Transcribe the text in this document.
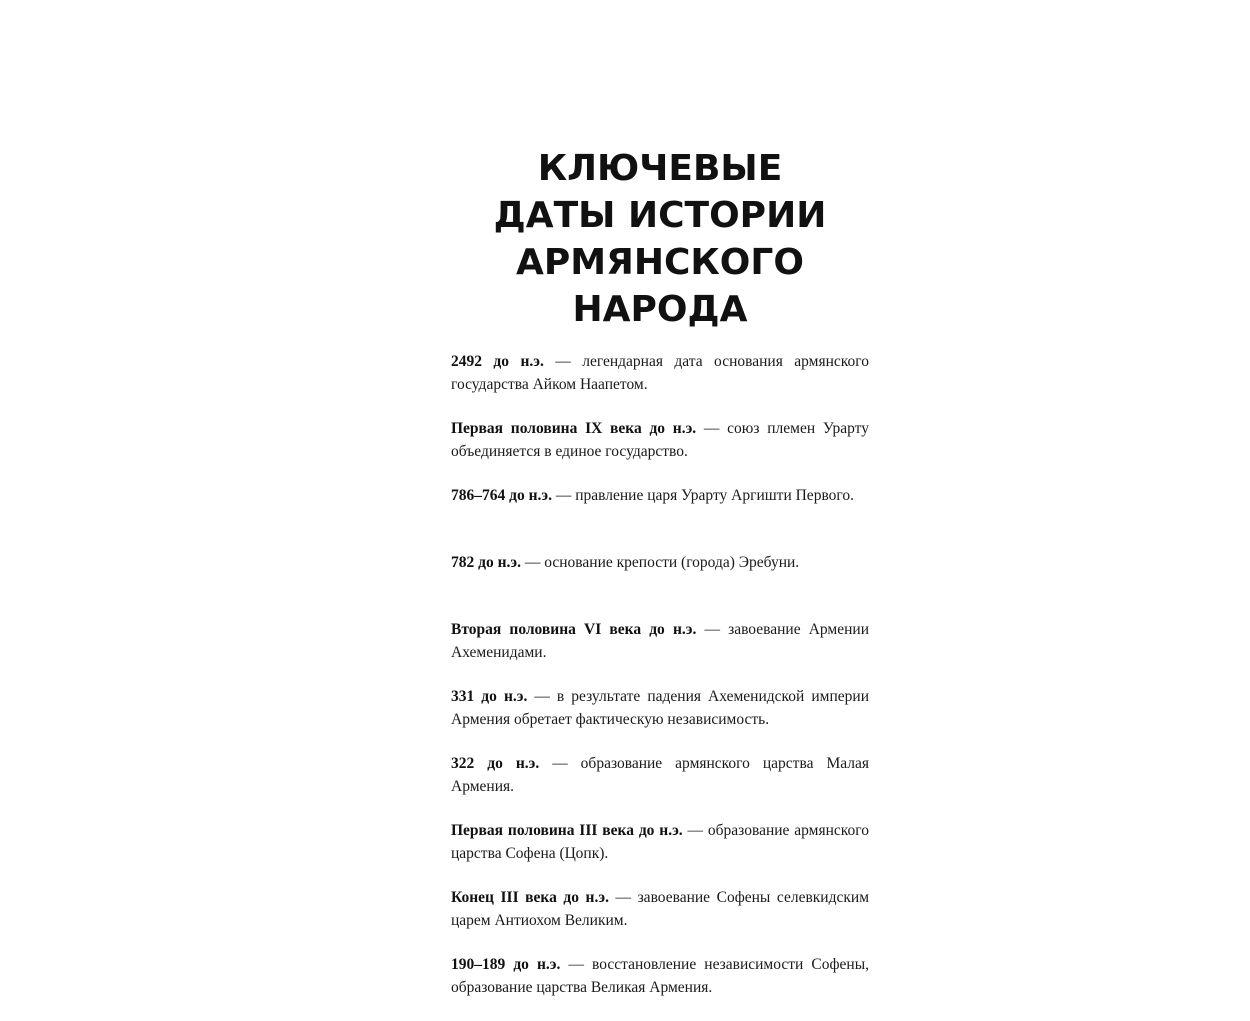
КЛЮЧЕВЫЕ
ДАТЫ ИСТОРИИ
АРМЯНСКОГО
НАРОДА

2492 до н.э. — легендарная дата основания армянского государства Айком Наапетом.

Первая половина IX века до н.э. — союз племен Урарту объединяется в единое государство.

786–764 до н.э. — правление царя Урарту Аргишти Первого.

782 до н.э. — основание крепости (города) Эребуни.

Вторая половина VI века до н.э. — завоевание Армении Ахеменидами.

331 до н.э. — в результате падения Ахеменидской империи Армения обретает фактическую независимость.

322 до н.э. — образование армянского царства Малая Армения.

Первая половина III века до н.э. — образование армянского царства Софена (Цопк).

Конец III века до н.э. — завоевание Софены селевкидским царем Антиохом Великим.

190–189 до н.э. — восстановление независимости Софены, образование царства Великая Армения.
